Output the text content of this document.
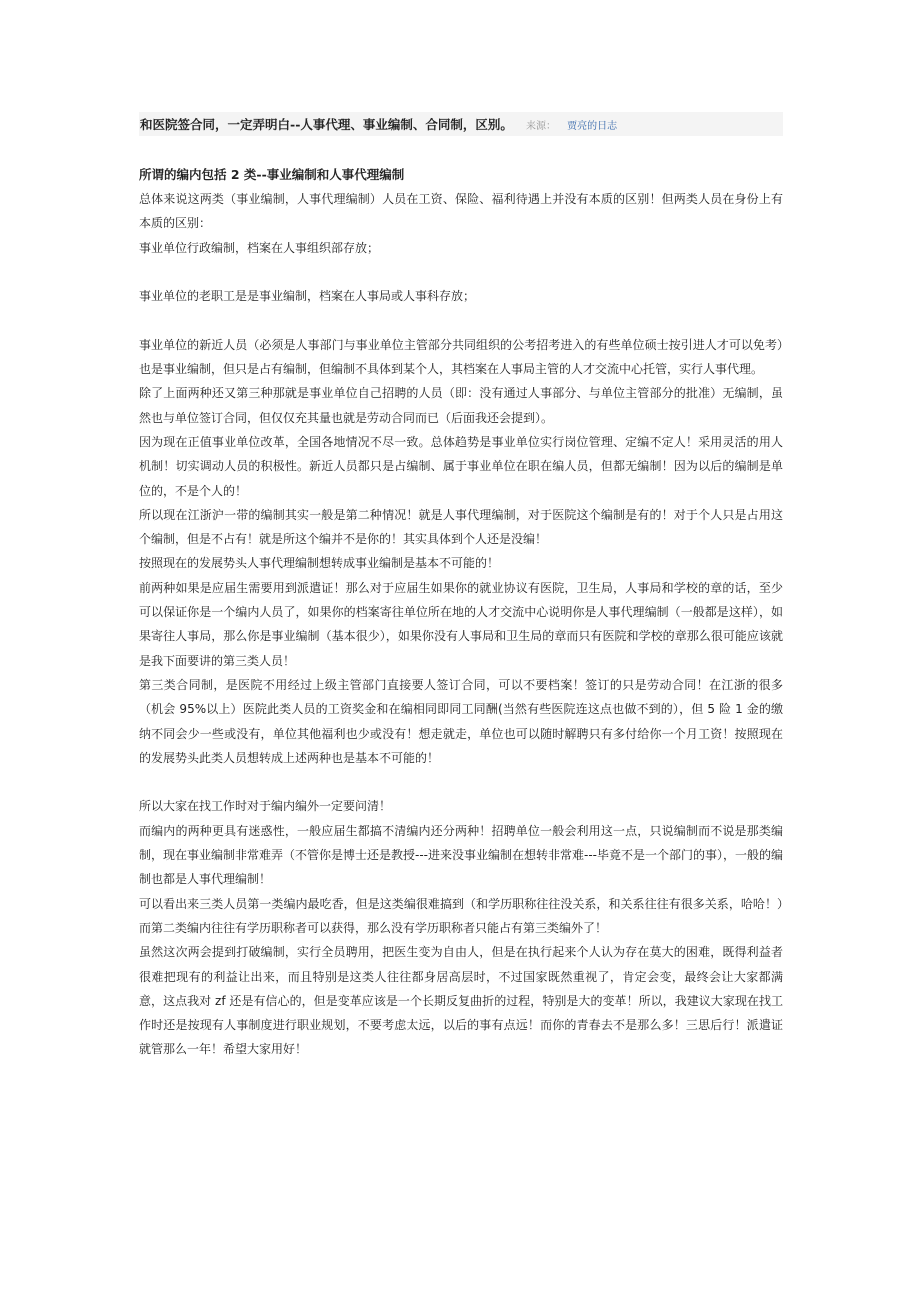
和医院签合同，一定弄明白--人事代理、事业编制、合同制，区别。 来源： 贾亮的日志

所谓的编内包括 2 类--事业编制和人事代理编制

总体来说这两类（事业编制，人事代理编制）人员在工资、保险、福利待遇上并没有本质的区别！但两类人员在身份上有本质的区别：

事业单位行政编制，档案在人事组织部存放；

事业单位的老职工是是事业编制，档案在人事局或人事科存放；

事业单位的新近人员（必须是人事部门与事业单位主管部分共同组织的公考招考进入的有些单位硕士按引进人才可以免考）也是事业编制，但只是占有编制，但编制不具体到某个人，其档案在人事局主管的人才交流中心托管，实行人事代理。

除了上面两种还又第三种那就是事业单位自己招聘的人员（即：没有通过人事部分、与单位主管部分的批准）无编制，虽然也与单位签订合同，但仅仅充其量也就是劳动合同而已（后面我还会提到）。

因为现在正值事业单位改革，全国各地情况不尽一致。总体趋势是事业单位实行岗位管理、定编不定人！采用灵活的用人机制！切实调动人员的积极性。新近人员都只是占编制、属于事业单位在职在编人员，但都无编制！因为以后的编制是单位的，不是个人的！

所以现在江浙沪一带的编制其实一般是第二种情况！就是人事代理编制，对于医院这个编制是有的！对于个人只是占用这个编制，但是不占有！就是所这个编并不是你的！其实具体到个人还是没编！

按照现在的发展势头人事代理编制想转成事业编制是基本不可能的！

前两种如果是应届生需要用到派遣证！那么对于应届生如果你的就业协议有医院，卫生局，人事局和学校的章的话，至少可以保证你是一个编内人员了，如果你的档案寄往单位所在地的人才交流中心说明你是人事代理编制（一般都是这样），如果寄往人事局，那么你是事业编制（基本很少），如果你没有人事局和卫生局的章而只有医院和学校的章那么很可能应该就是我下面要讲的第三类人员！

第三类合同制，是医院不用经过上级主管部门直接要人签订合同，可以不要档案！签订的只是劳动合同！在江浙的很多（机会 95%以上）医院此类人员的工资奖金和在编相同即同工同酬(当然有些医院连这点也做不到的），但 5 险 1 金的缴纳不同会少一些或没有，单位其他福利也少或没有！想走就走，单位也可以随时解聘只有多付给你一个月工资！按照现在的发展势头此类人员想转成上述两种也是基本不可能的！

所以大家在找工作时对于编内编外一定要问清！

而编内的两种更具有迷惑性，一般应届生都搞不清编内还分两种！招聘单位一般会利用这一点，只说编制而不说是那类编制，现在事业编制非常难弄（不管你是博士还是教授---进来没事业编制在想转非常难---毕竟不是一个部门的事），一般的编制也都是人事代理编制！

可以看出来三类人员第一类编内最吃香，但是这类编很难搞到（和学历职称往往没关系，和关系往往有很多关系，哈哈！）而第二类编内往往有学历职称者可以获得，那么没有学历职称者只能占有第三类编外了！

虽然这次两会提到打破编制，实行全员聘用，把医生变为自由人，但是在执行起来个人认为存在莫大的困难，既得利益者很难把现有的利益让出来，而且特别是这类人往往都身居高层时，不过国家既然重视了，肯定会变，最终会让大家都满意，这点我对 zf 还是有信心的，但是变革应该是一个长期反复曲折的过程，特别是大的变革！所以，我建议大家现在找工作时还是按现有人事制度进行职业规划，不要考虑太远，以后的事有点远！而你的青春去不是那么多！三思后行！派遣证就管那么一年！希望大家用好！
